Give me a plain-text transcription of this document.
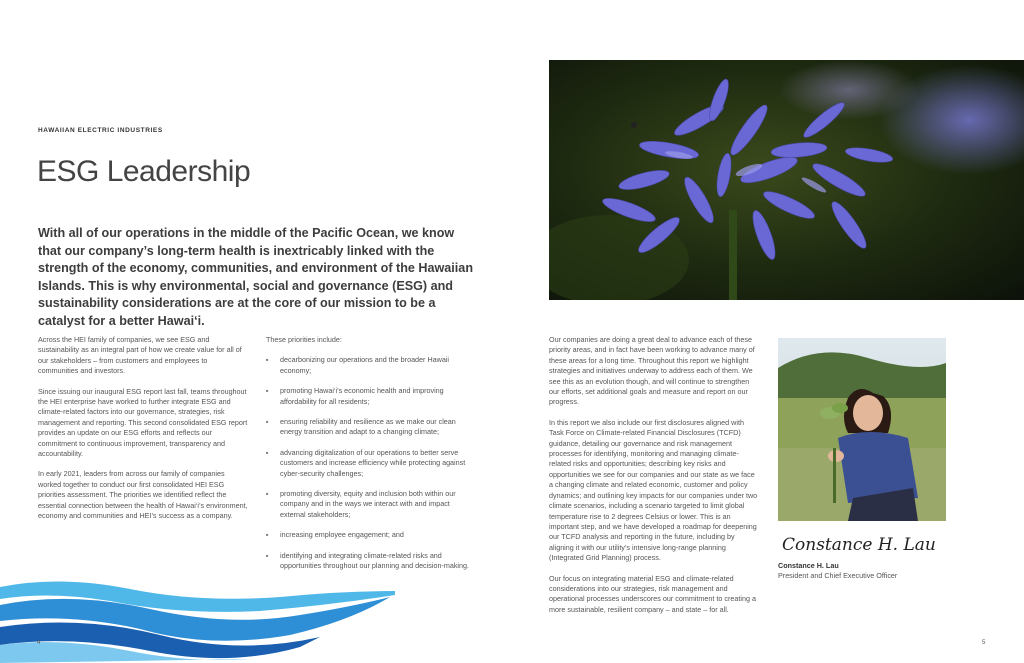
HAWAIIAN ELECTRIC INDUSTRIES
ESG Leadership
With all of our operations in the middle of the Pacific Ocean, we know that our company’s long-term health is inextricably linked with the strength of the economy, communities, and environment of the Hawaiian Islands. This is why environmental, social and governance (ESG) and sustainability considerations are at the core of our mission to be a catalyst for a better Hawai‘i.

Across the HEI family of companies, we see ESG and sustainability as an integral part of how we create value for all of our stakeholders – from customers and employees to communities and investors.

Since issuing our inaugural ESG report last fall, teams throughout the HEI enterprise have worked to further integrate ESG and climate-related factors into our governance, strategies, risk management and reporting. This second consolidated ESG report provides an update on our ESG efforts and reflects our commitment to continuous improvement, transparency and accountability.

In early 2021, leaders from across our family of companies worked together to conduct our first consolidated HEI ESG priorities assessment. The priorities we identified reflect the essential connection between the health of Hawai‘i’s environment, economy and communities and HEI’s success as a company.

These priorities include:

■ decarbonizing our operations and the broader Hawaii economy;
■ promoting Hawai‘i’s economic health and improving affordability for all residents;
■ ensuring reliability and resilience as we make our clean energy transition and adapt to a changing climate;
■ advancing digitalization of our operations to better serve customers and increase efficiency while protecting against cyber-security challenges;
■ promoting diversity, equity and inclusion both within our company and in the ways we interact with and impact external stakeholders;
■ increasing employee engagement; and
■ identifying and integrating climate-related risks and opportunities throughout our planning and decision-making.

Our companies are doing a great deal to advance each of these priority areas, and in fact have been working to advance many of these areas for a long time. Throughout this report we highlight strategies and initiatives underway to address each of them. We see this as an evolution though, and will continue to strengthen our efforts, set additional goals and measure and report on our progress.

In this report we also include our first disclosures aligned with Task Force on Climate-related Financial Disclosures (TCFD) guidance, detailing our governance and risk management processes for identifying, monitoring and managing climate-related risks and opportunities; describing key risks and opportunities we see for our companies and our state as we face a changing climate and related economic, customer and policy dynamics; and outlining key impacts for our companies under two climate scenarios, including a scenario targeted to limit global temperature rise to 2 degrees Celsius or lower. This is an important step, and we have developed a roadmap for deepening our TCFD analysis and reporting in the future, including by aligning it with our utility’s intensive long-range planning (Integrated Grid Planning) process.

Our focus on integrating material ESG and climate-related considerations into our strategies, risk management and operational processes underscores our commitment to creating a more sustainable, resilient company – and state – for all.

Constance H. Lau
Constance H. Lau
President and Chief Executive Officer
4	5
